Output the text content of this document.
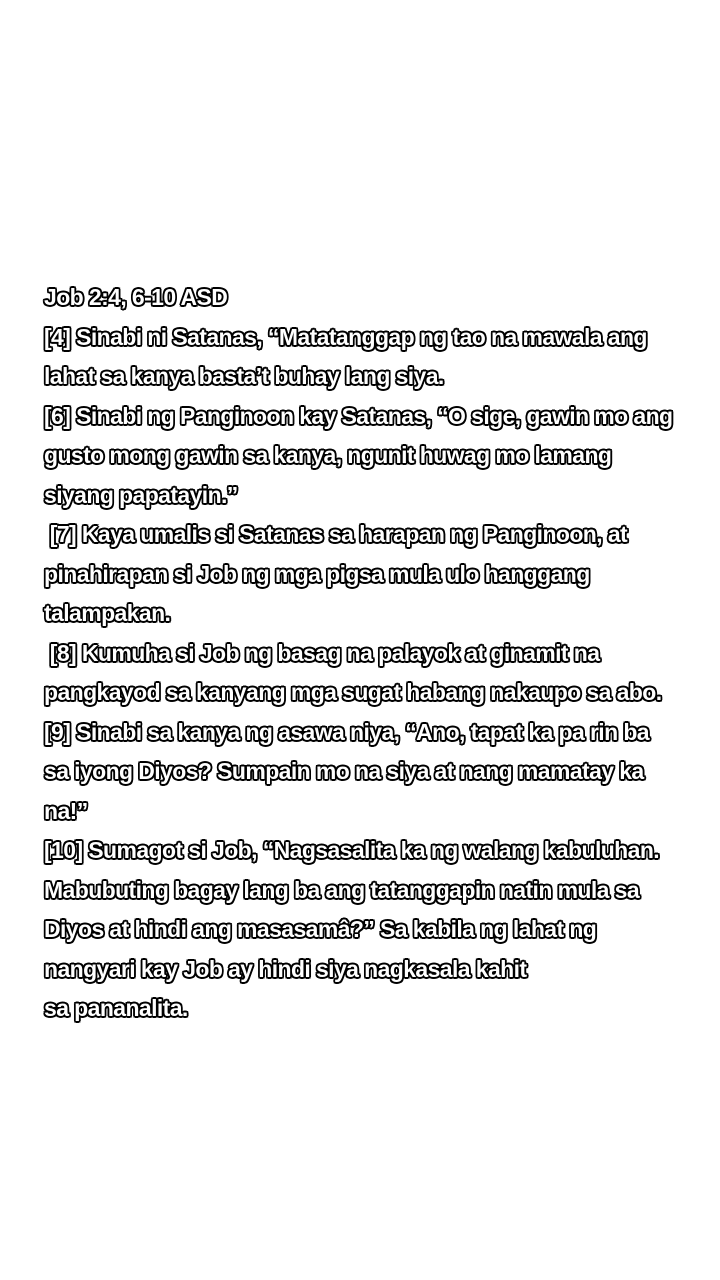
Job 2:4, 6-10 ASD
[4] Sinabi ni Satanas, “Matatanggap ng tao na mawala ang
lahat sa kanya basta’t buhay lang siya.
[6] Sinabi ng Panginoon kay Satanas, “O sige, gawin mo ang
gusto mong gawin sa kanya, ngunit huwag mo lamang
siyang papatayin.”
[7] Kaya umalis si Satanas sa harapan ng Panginoon, at
pinahirapan si Job ng mga pigsa mula ulo hanggang
talampakan.
[8] Kumuha si Job ng basag na palayok at ginamit na
pangkayod sa kanyang mga sugat habang nakaupo sa abo.
[9] Sinabi sa kanya ng asawa niya, “Ano, tapat ka pa rin ba
sa iyong Diyos? Sumpain mo na siya at nang mamatay ka
na!”
[10] Sumagot si Job, “Nagsasalita ka ng walang kabuluhan.
Mabubuting bagay lang ba ang tatanggapin natin mula sa
Diyos at hindi ang masasamâ?” Sa kabila ng lahat ng
nangyari kay Job ay hindi siya nagkasala kahit
sa pananalita.
